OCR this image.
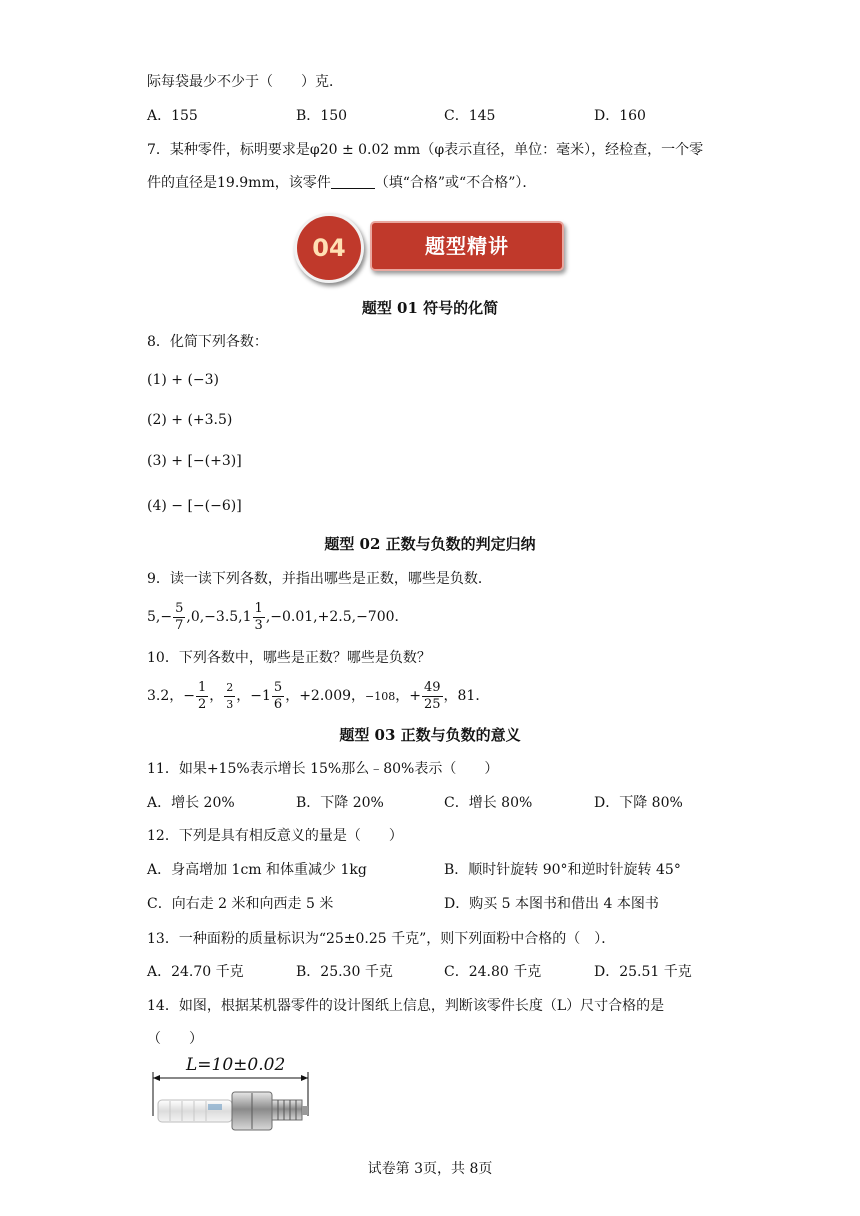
际每袋最少不少于（　　）克．
A．155	B．150	C．145	D．160
7．某种零件，标明要求是φ20 ± 0.02 mm（φ表示直径，单位：毫米），经检查，一个零
件的直径是19.9mm，该零件	（填“合格”或“不合格”）．
题型精讲
04
题型 01 符号的化简
8．化简下列各数：
(1) + (−3)
(2) + (+3.5)
(3) + [−(+3)]
(4) − [−(−6)]
题型 02 正数与负数的判定归纳
9．读一读下列各数，并指出哪些是正数，哪些是负数．
$5,- \frac{5}{7} ,0,-3.5,1 \frac{1}{3} ,-0.01,+2.5,-700$．
10．下列各数中，哪些是正数？哪些是负数？
3.2，− $\frac{1}{2}$ ， $\frac{2}{3}$ ，$-1 \frac{5}{6}$ ，+2.009，−108，+ $\frac{49}{25}$ ，81．
题型 03 正数与负数的意义
11．如果+15%表示增长 15%那么﹣80%表示（　　）
A．增长 20%	B．下降 20%	C．增长 80%	D．下降 80%
12．下列是具有相反意义的量是（　　）
A．身高增加 1cm 和体重减少 1kg	B．顺时针旋转 90°和逆时针旋转 45°
C．向右走 2 米和向西走 5 米	D．购买 5 本图书和借出 4 本图书
13．一种面粉的质量标识为“25±0.25 千克”，则下列面粉中合格的（　）．
A．24.70 千克	B．25.30 千克	C．24.80 千克	D．25.51 千克
14．如图，根据某机器零件的设计图纸上信息，判断该零件长度（L）尺寸合格的是
（　　）
L=10±0.02
试卷第 3页，共 8页
